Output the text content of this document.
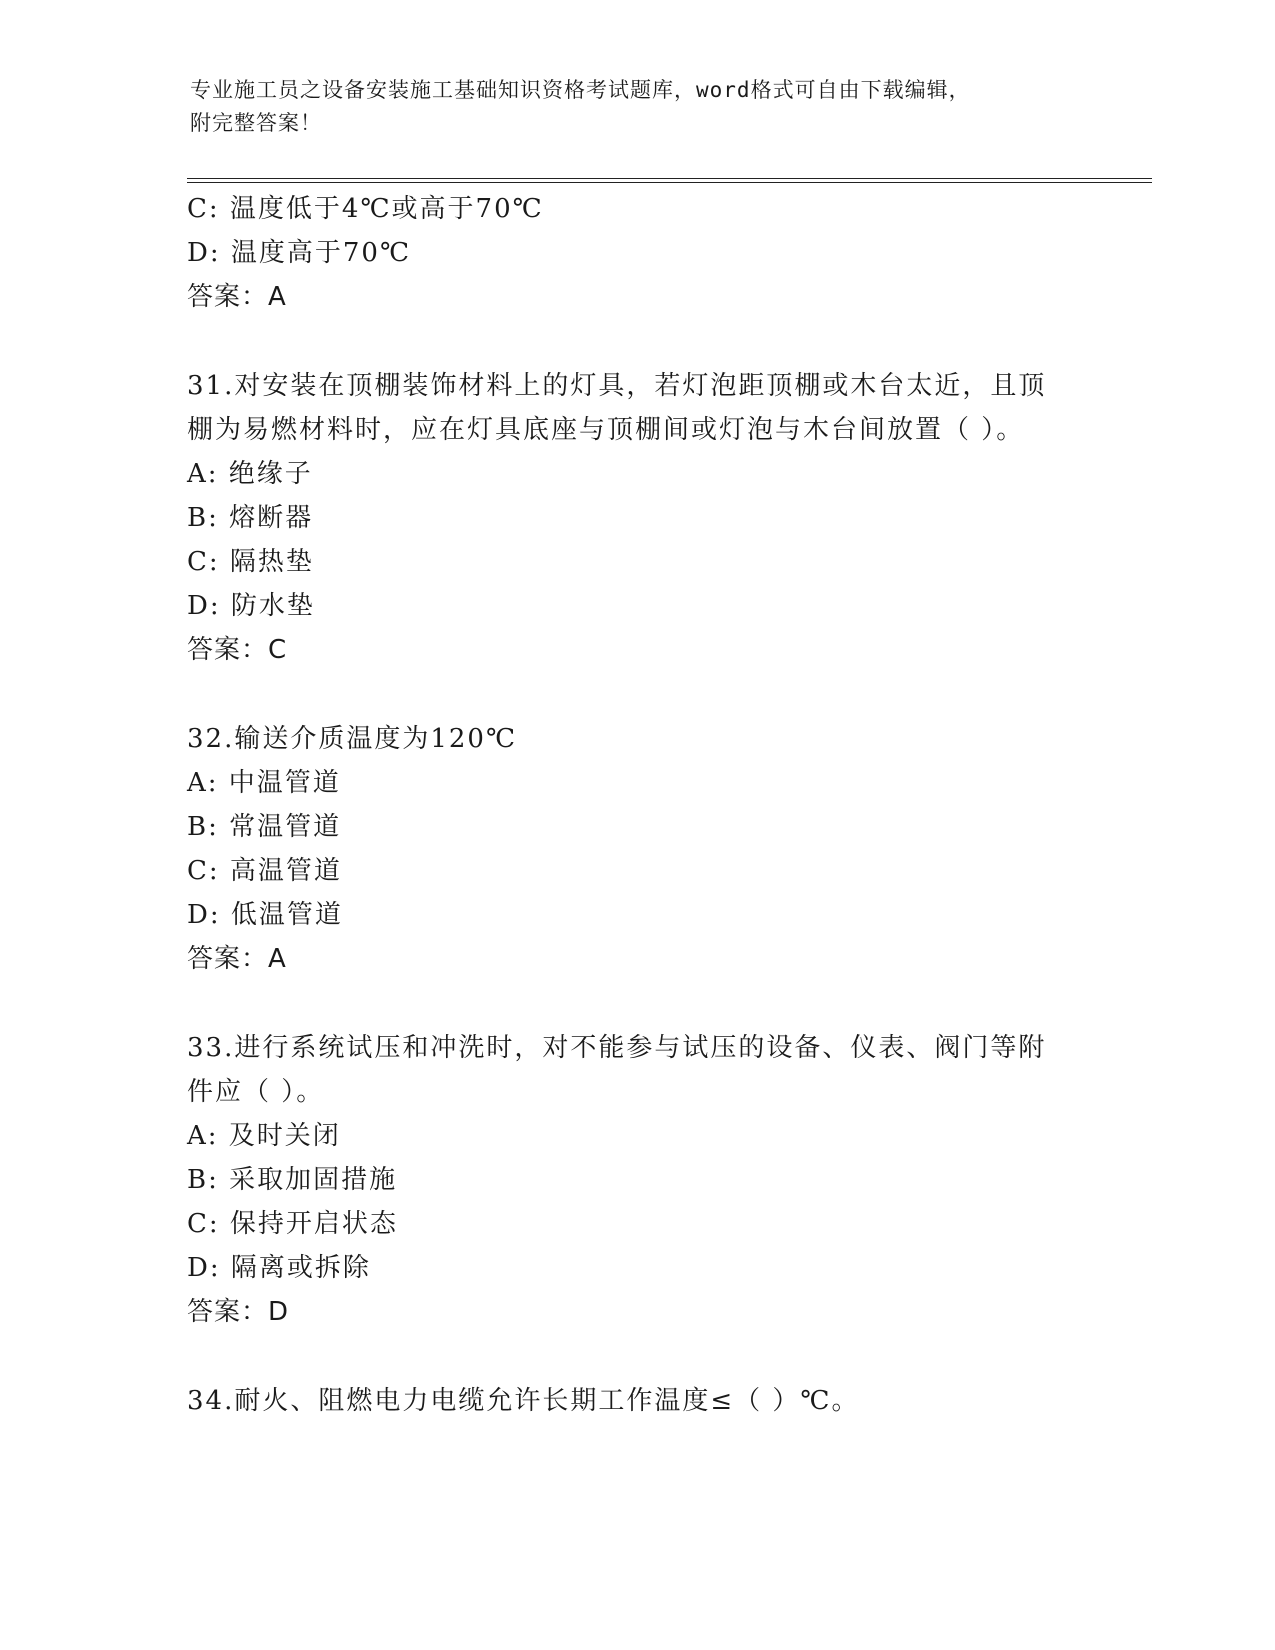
专业施工员之设备安装施工基础知识资格考试题库，word格式可自由下载编辑，
附完整答案！
C: 温度低于4℃或高于70℃
D: 温度高于70℃
答案：A
31.对安装在顶棚装饰材料上的灯具，若灯泡距顶棚或木台太近，且顶
棚为易燃材料时，应在灯具底座与顶棚间或灯泡与木台间放置（ ）。
A: 绝缘子
B: 熔断器
C: 隔热垫
D: 防水垫
答案：C
32.输送介质温度为120℃
A: 中温管道
B: 常温管道
C: 高温管道
D: 低温管道
答案：A
33.进行系统试压和冲洗时，对不能参与试压的设备、仪表、阀门等附
件应（ ）。
A: 及时关闭
B: 采取加固措施
C: 保持开启状态
D: 隔离或拆除
答案：D
34.耐火、阻燃电力电缆允许长期工作温度≤（ ）℃。
